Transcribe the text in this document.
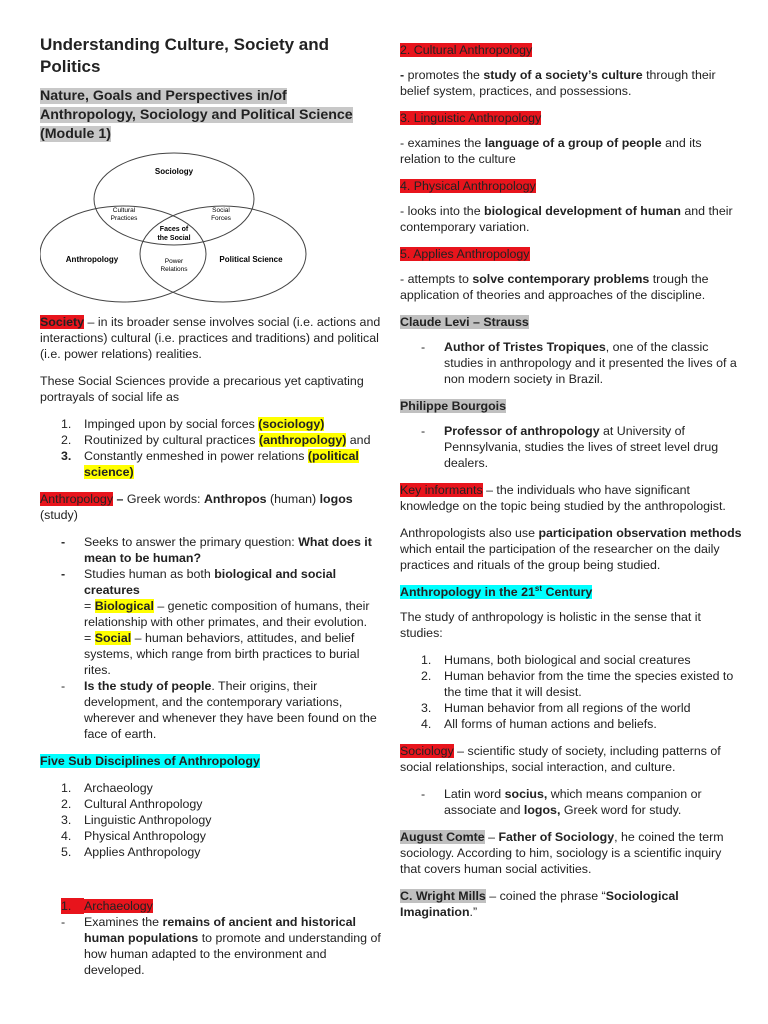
Understanding Culture, Society and Politics
Nature, Goals and Perspectives in/of Anthropology, Sociology and Political Science (Module 1)
Sociology
Anthropology	Political Science
Cultural
Practices
Social
Forces
Faces of
the Social
Power
Relations

Society – in its broader sense involves social (i.e. actions and interactions) cultural (i.e. practices and traditions) and political (i.e. power relations) realities.

These Social Sciences provide a precarious yet captivating portrayals of social life as

1. Impinged upon by social forces (sociology)
2. Routinized by cultural practices (anthropology) and
3. Constantly enmeshed in power relations (political science)

Anthropology – Greek words: Anthropos (human) logos (study)

- Seeks to answer the primary question: What does it mean to be human?
- Studies human as both biological and social creatures
= Biological – genetic composition of humans, their relationship with other primates, and their evolution.
= Social – human behaviors, attitudes, and belief systems, which range from birth practices to burial rites.
- Is the study of people. Their origins, their development, and the contemporary variations, wherever and whenever they have been found on the face of earth.

Five Sub Disciplines of Anthropology

1. Archaeology
2. Cultural Anthropology
3. Linguistic Anthropology
4. Physical Anthropology
5. Applies Anthropology
1.	Archaeology
- Examines the remains of ancient and historical human populations to promote and understanding of how human adapted to the environment and developed.
2. Cultural Anthropology

- promotes the study of a society’s culture through their belief system, practices, and possessions.

3. Linguistic Anthropology

- examines the language of a group of people and its relation to the culture

4. Physical Anthropology

- looks into the biological development of human and their contemporary variation.

5. Applies Anthropology

- attempts to solve contemporary problems trough the application of theories and approaches of the discipline.

Claude Levi – Strauss
- Author of Tristes Tropiques, one of the classic studies in anthropology and it presented the lives of a non modern society in Brazil.
Philippe Bourgois
- Professor of anthropology at University of Pennsylvania, studies the lives of street level drug dealers.

Key informants – the individuals who have significant knowledge on the topic being studied by the anthropologist.

Anthropologists also use participation observation methods which entail the participation of the researcher on the daily practices and rituals of the group being studied.

Anthropology in the 21st Century

The study of anthropology is holistic in the sense that it studies:

1. Humans, both biological and social creatures
2. Human behavior from the time the species existed to the time that it will desist.
3. Human behavior from all regions of the world
4. All forms of human actions and beliefs.

Sociology – scientific study of society, including patterns of social relationships, social interaction, and culture.

- Latin word socius, which means companion or associate and logos, Greek word for study.

August Comte – Father of Sociology, he coined the term sociology. According to him, sociology is a scientific inquiry that covers human social activities.

C. Wright Mills – coined the phrase “Sociological Imagination.”
